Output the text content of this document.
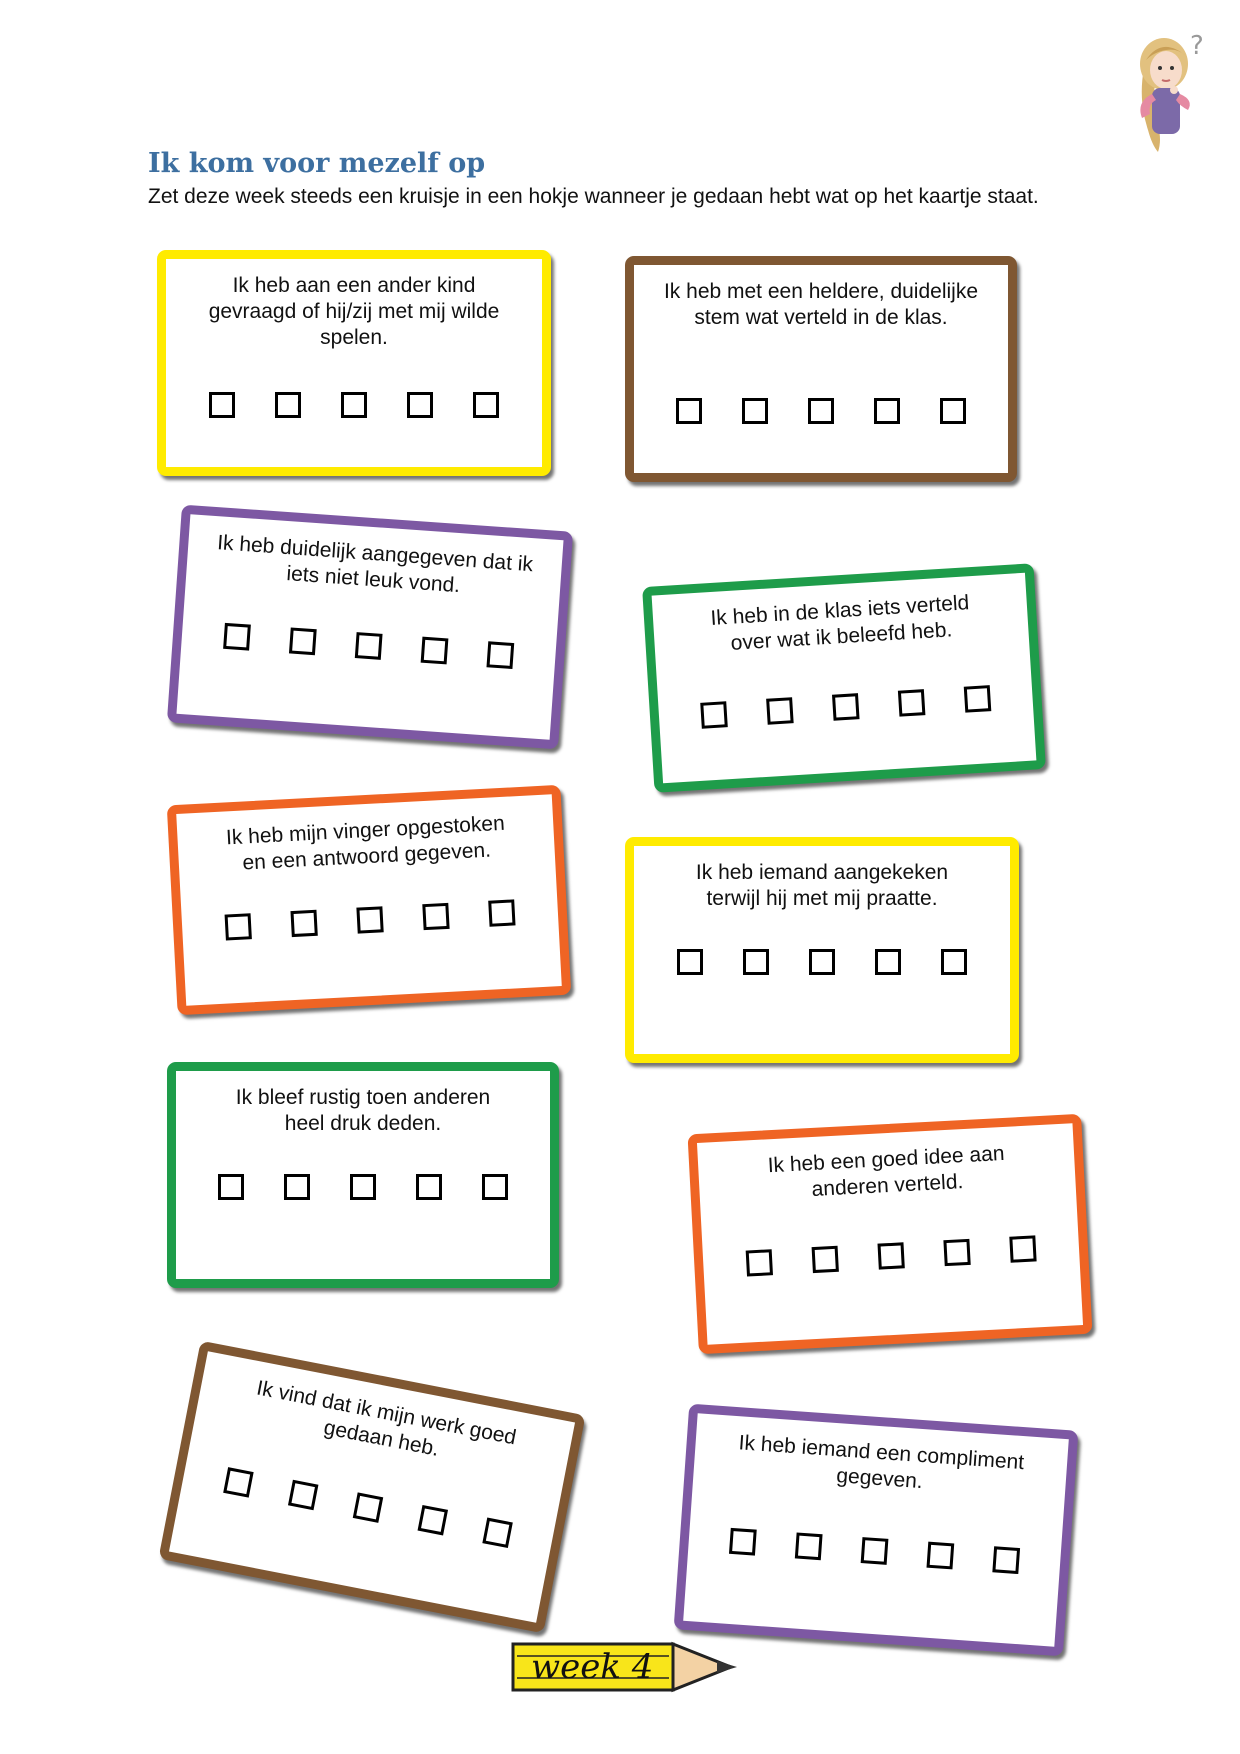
Ik kom voor mezelf op

Zet deze week steeds een kruisje in een hokje wanneer je gedaan hebt wat op het kaartje staat.

?
Ik heb aan een ander kind gevraagd of hij/zij met mij wilde spelen.
Ik heb met een heldere, duidelijke stem wat verteld in de klas.
Ik heb duidelijk aangegeven dat ik iets niet leuk vond.
Ik heb in de klas iets verteld over wat ik beleefd heb.
Ik heb mijn vinger opgestoken en een antwoord gegeven.	Ik heb iemand aangekeken terwijl hij met mij praatte.
Ik bleef rustig toen anderen heel druk deden.
Ik heb een goed idee aan anderen verteld.
Ik vind dat ik mijn werk goed gedaan heb.	Ik heb iemand een compliment gegeven.
week 4
